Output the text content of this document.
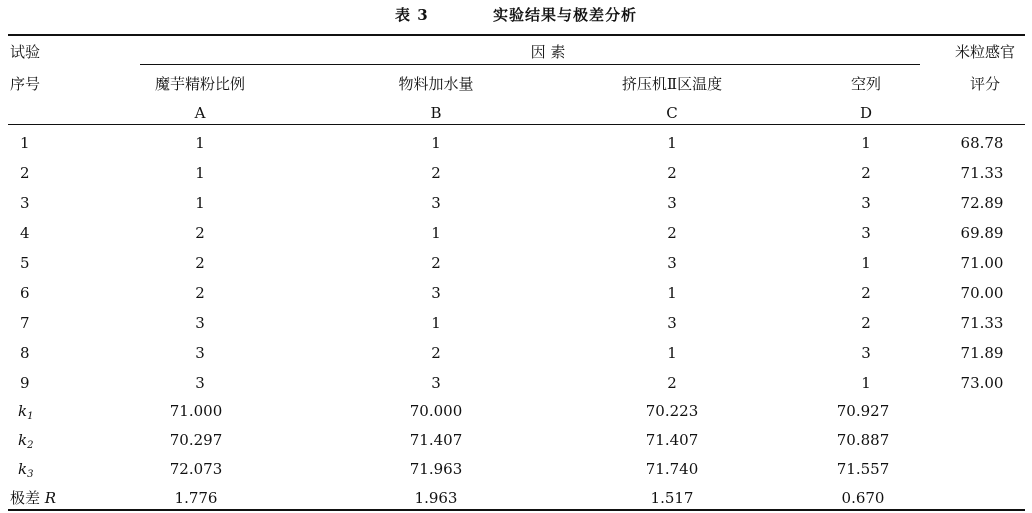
表 3	实验结果与极差分析
试验
序号
因 素	米粒感官
评分
魔芋精粉比例	物料加水量	挤压机Ⅱ区温度	空列
A	B	C	D
1	1	1	1	1	68.78
2	1	2	2	2	71.33
3	1	3	3	3	72.89
4	2	1	2	3	69.89
5	2	2	3	1	71.00
6	2	3	1	2	70.00
7	3	1	3	2	71.33
8	3	2	1	3	71.89
9	3	3	2	1	73.00
$k_1$	71.000	70.000	70.223	70.927
$k_2$	70.297	71.407	71.407	70.887
$k_3$	72.073	71.963	71.740	71.557
极差 R	1.776	1.963	1.517	0.670
